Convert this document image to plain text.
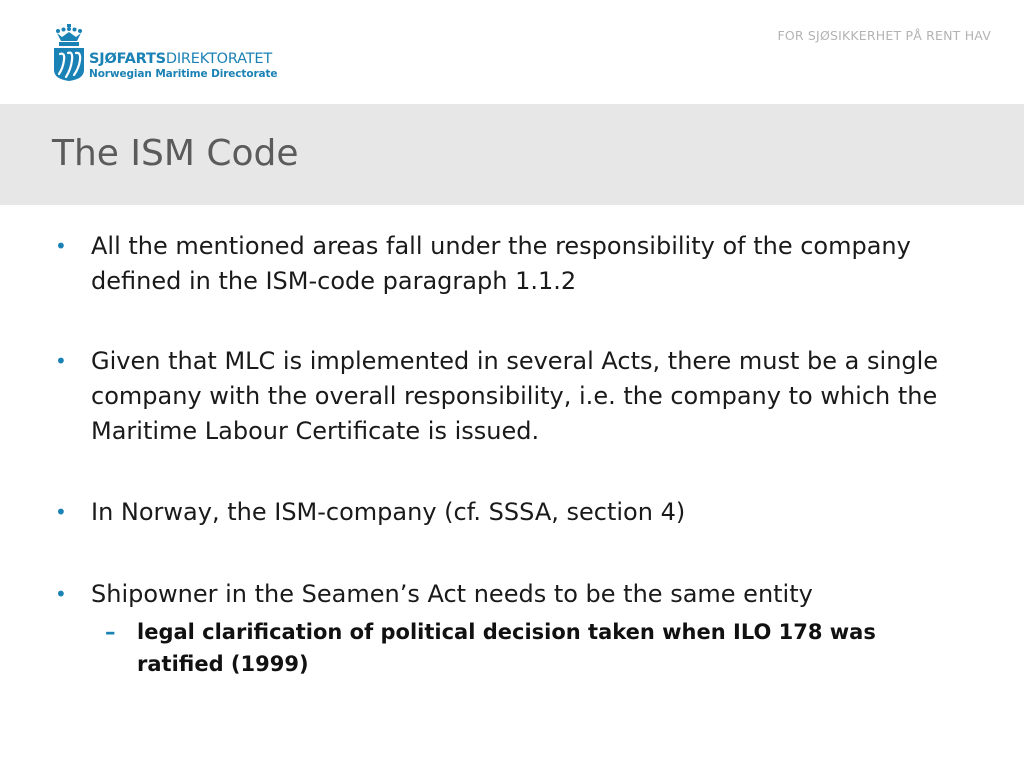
SJØFARTSDIREKTORATET
Norwegian Maritime Directorate
FOR SJØSIKKERHET PÅ RENT HAV
The ISM Code
• All the mentioned areas fall under the responsibility of the company defined in the ISM-code paragraph 1.1.2
• Given that MLC is implemented in several Acts, there must be a single company with the overall responsibility, i.e. the company to which the Maritime Labour Certificate is issued.
• In Norway, the ISM-company (cf. SSSA, section 4)
• Shipowner in the Seamen’s Act needs to be the same entity
– legal clarification of political decision taken when ILO 178 was ratified (1999)
